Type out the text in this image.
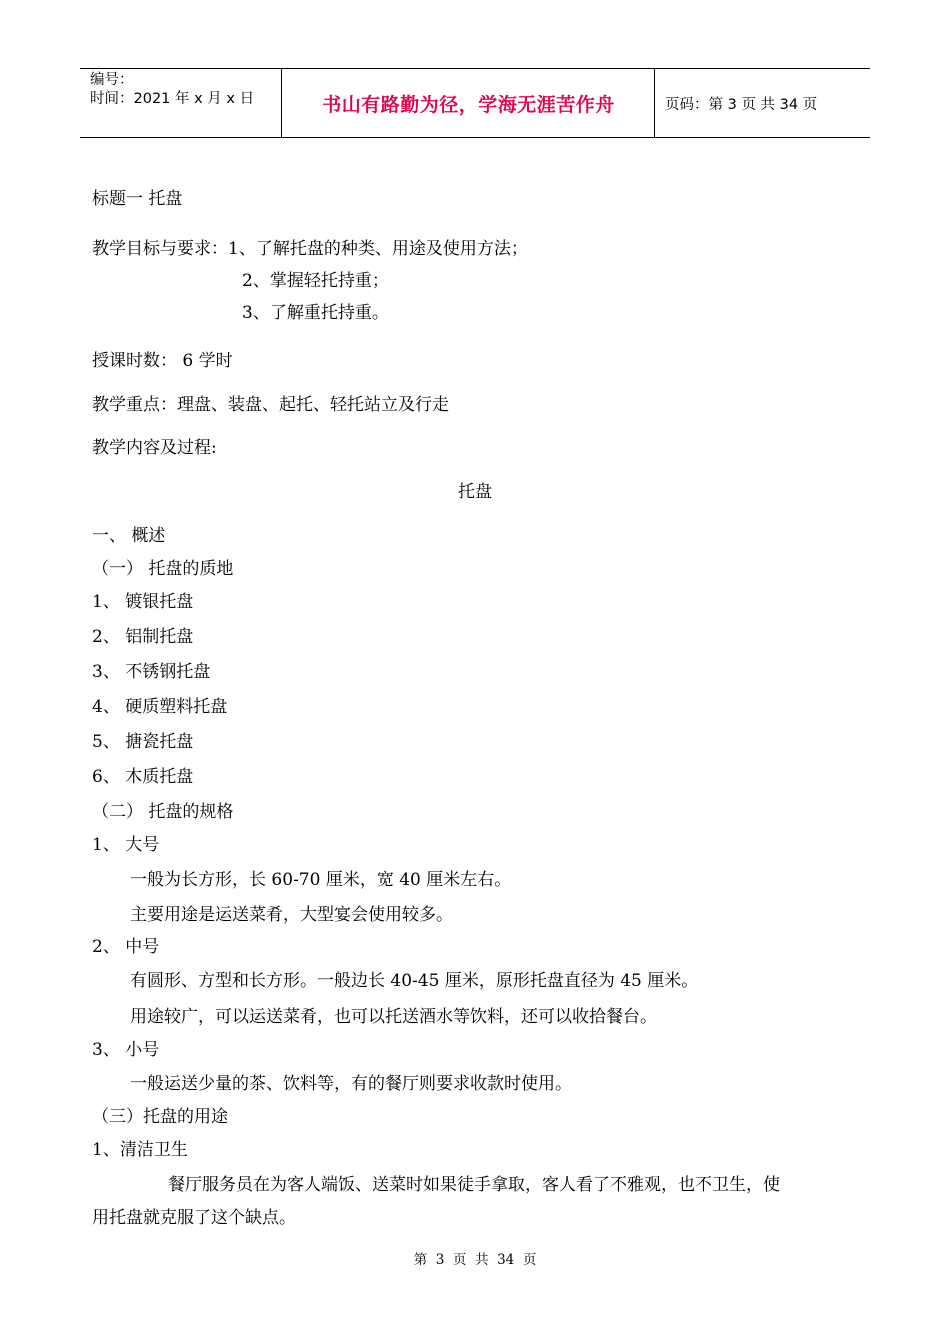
编号：
时间：2021 年 x 月 x 日	书山有路勤为径，学海无涯苦作舟	页码：第 3 页 共 34 页
标题一 托盘
教学目标与要求：1、了解托盘的种类、用途及使用方法；
2、掌握轻托持重；
3、了解重托持重。
授课时数： 6 学时
教学重点：理盘、装盘、起托、轻托站立及行走
教学内容及过程:
托盘
一、 概述
（一） 托盘的质地
1、 镀银托盘
2、 铝制托盘
3、 不锈钢托盘
4、 硬质塑料托盘
5、 搪瓷托盘
6、 木质托盘
（二） 托盘的规格
1、 大号
一般为长方形，长 60-70 厘米，宽 40 厘米左右。
主要用途是运送菜肴，大型宴会使用较多。
2、 中号
有圆形、方型和长方形。一般边长 40-45 厘米，原形托盘直径为 45 厘米。
用途较广，可以运送菜肴，也可以托送酒水等饮料，还可以收拾餐台。
3、 小号
一般运送少量的茶、饮料等，有的餐厅则要求收款时使用。
（三）托盘的用途
1、清洁卫生
餐厅服务员在为客人端饭、送菜时如果徒手拿取，客人看了不雅观，也不卫生，使
用托盘就克服了这个缺点。
第  3  页  共  34  页
